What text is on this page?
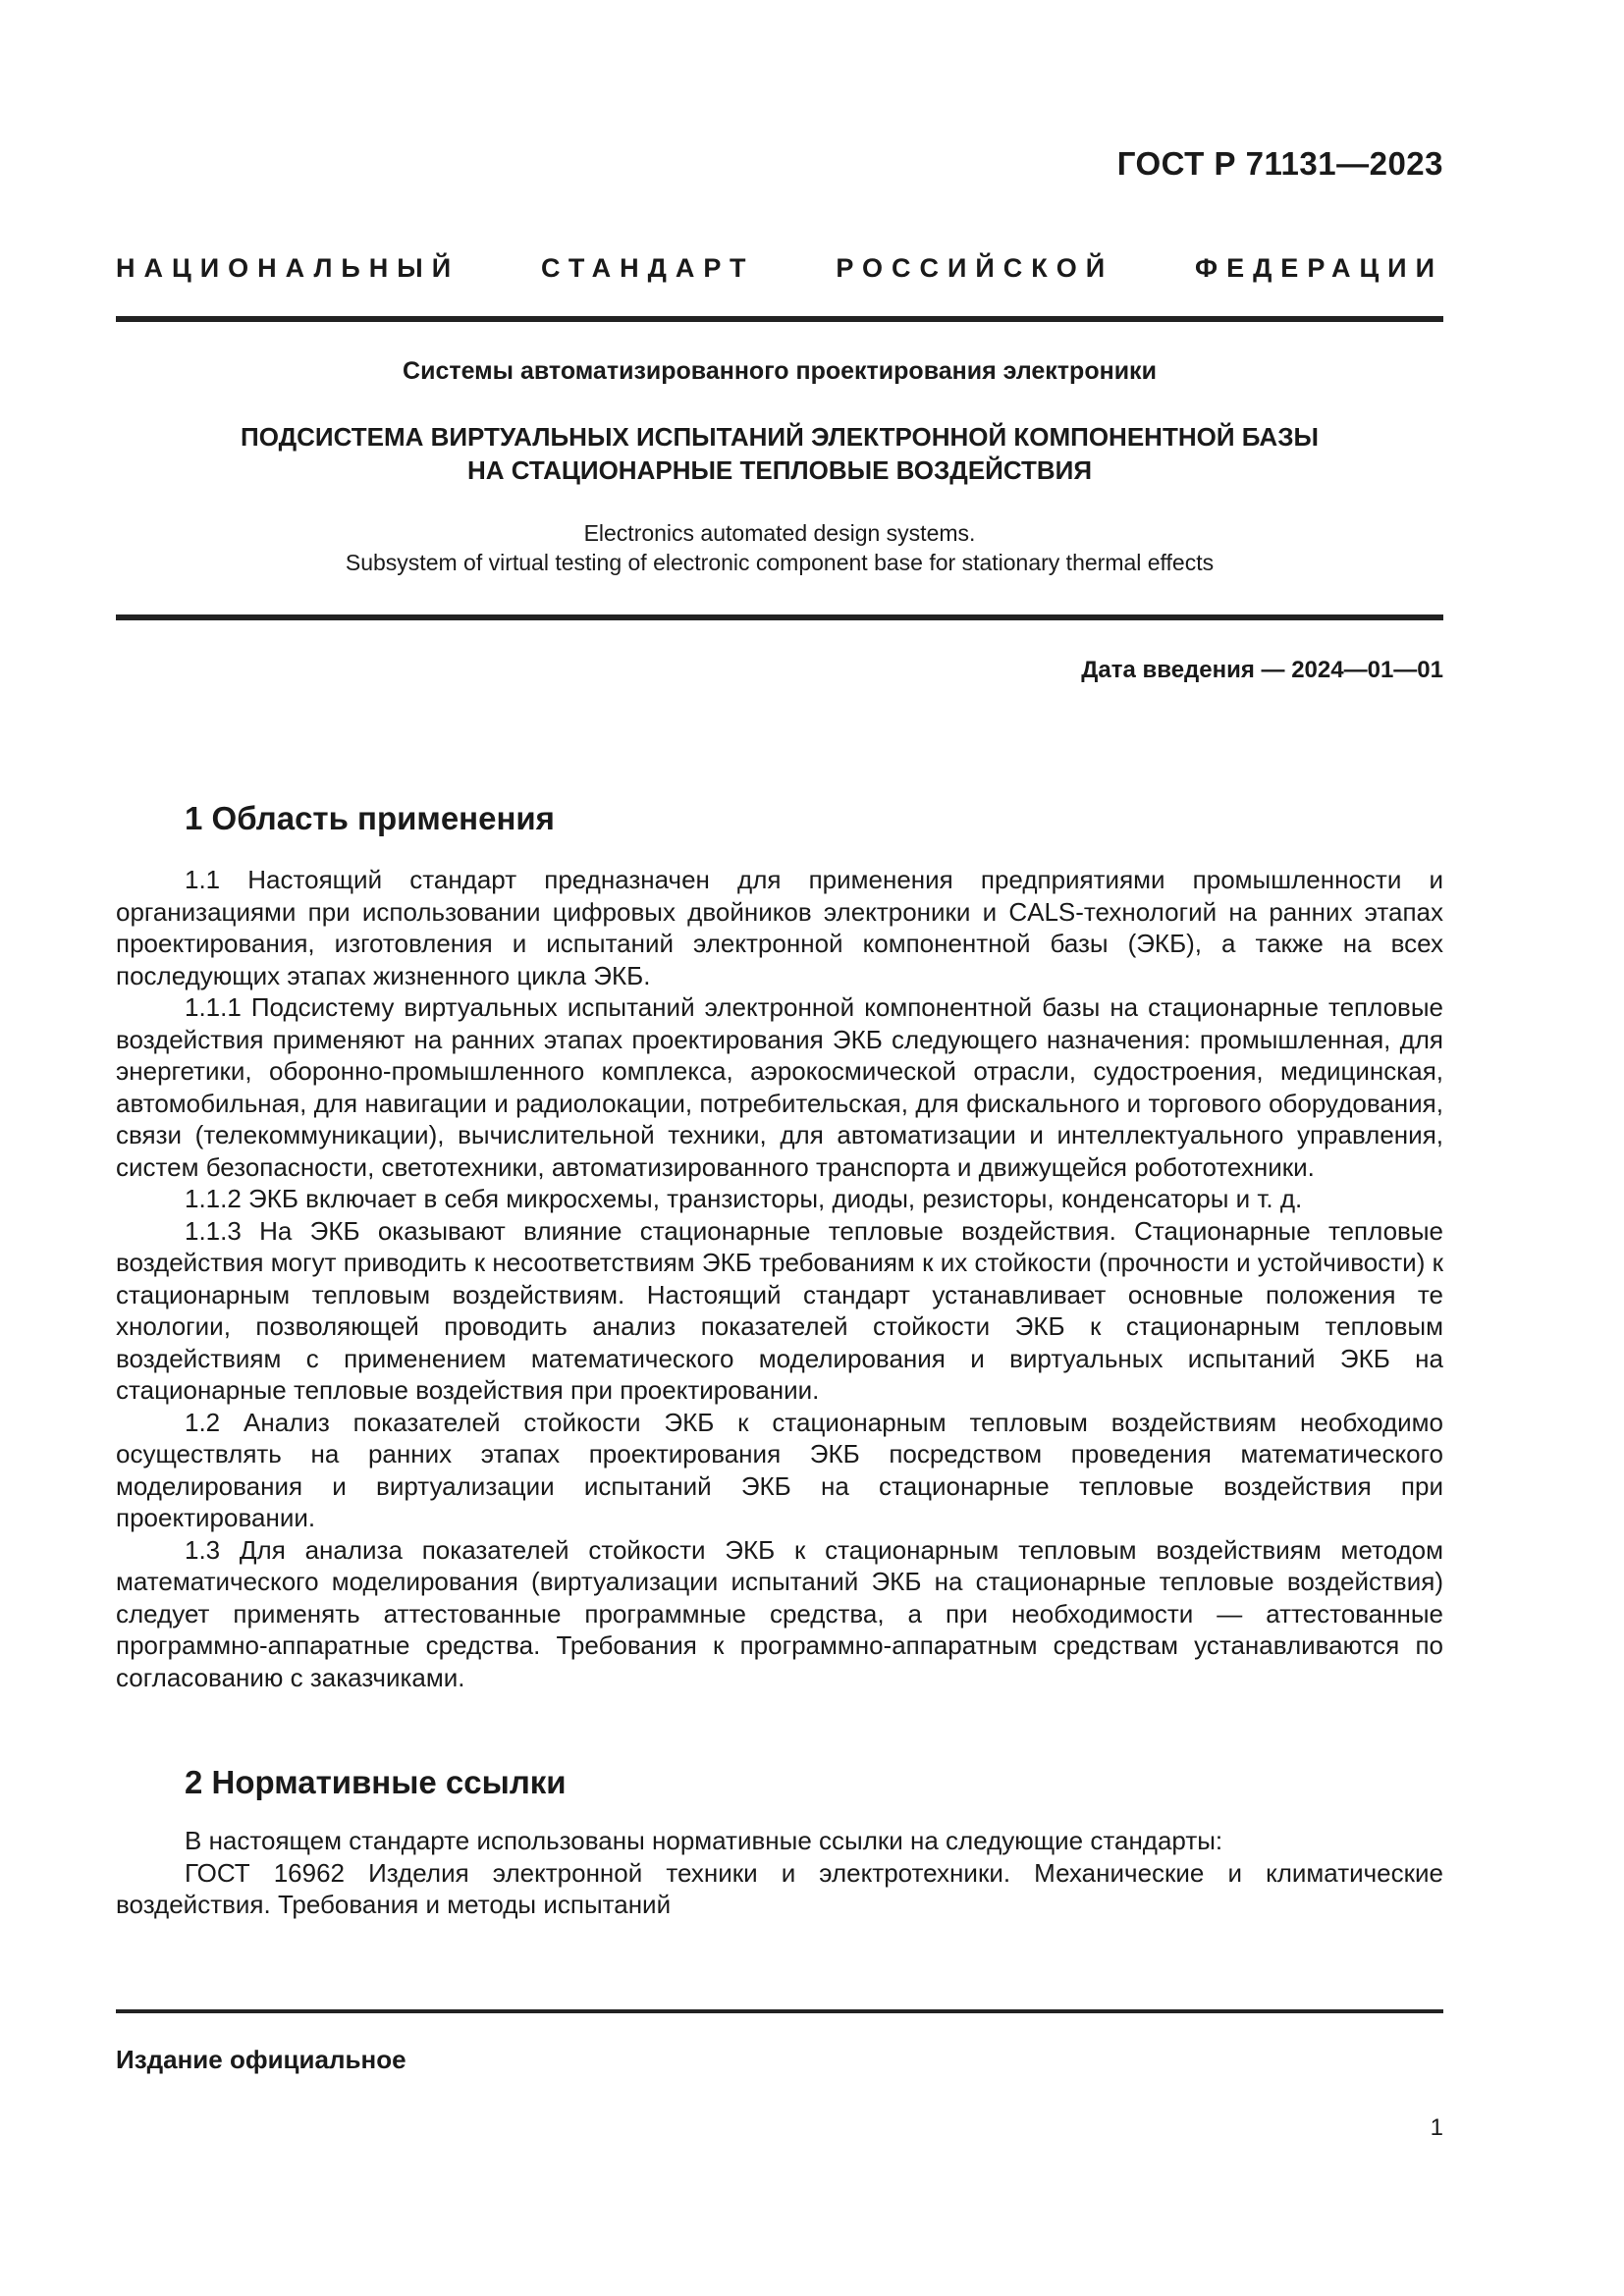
ГОСТ Р 71131—2023
НАЦИОНАЛЬНЫЙ СТАНДАРТ РОССИЙСКОЙ ФЕДЕРАЦИИ
Системы автоматизированного проектирования электроники
ПОДСИСТЕМА ВИРТУАЛЬНЫХ ИСПЫТАНИЙ ЭЛЕКТРОННОЙ КОМПОНЕНТНОЙ БАЗЫ
НА СТАЦИОНАРНЫЕ ТЕПЛОВЫЕ ВОЗДЕЙСТВИЯ
Electronics automated design systems.
Subsystem of virtual testing of electronic component base for stationary thermal effects
Дата введения — 2024—01—01
1 Область применения

1.1 Настоящий стандарт предназначен для применения предприятиями промышленности и организациями при использовании цифровых двойников электроники и CALS-технологий на ранних этапах проектирования, изготовления и испытаний электронной компонентной базы (ЭКБ), а также на всех последующих этапах жизненного цикла ЭКБ.

1.1.1 Подсистему виртуальных испытаний электронной компонентной базы на стационарные тепловые воздействия применяют на ранних этапах проектирования ЭКБ следующего назначения: промышленная, для энергетики, оборонно-промышленного комплекса, аэрокосмической отрасли, судостроения, медицинская, автомобильная, для навигации и радиолокации, потребительская, для фискального и торгового оборудования, связи (телекоммуникации), вычислительной техники, для автоматизации и интеллектуального управления, систем безопасности, светотехники, автоматизированного транспорта и движущейся робототехники.

1.1.2 ЭКБ включает в себя микросхемы, транзисторы, диоды, резисторы, конденсаторы и т. д.

1.1.3 На ЭКБ оказывают влияние стационарные тепловые воздействия. Стационарные тепловые воздействия могут приводить к несоответствиям ЭКБ требованиям к их стойкости (прочности и устойчивости) к стационарным тепловым воздействиям. Настоящий стандарт устанавливает основные положения те хнологии, позволяющей проводить анализ показателей стойкости ЭКБ к стационарным тепловым воздействиям с применением математического моделирования и виртуальных испытаний ЭКБ на стационарные тепловые воздействия при проектировании.

1.2 Анализ показателей стойкости ЭКБ к стационарным тепловым воздействиям необходимо осуществлять на ранних этапах проектирования ЭКБ посредством проведения математического моделирования и виртуализации испытаний ЭКБ на стационарные тепловые воздействия при проектировании.

1.3 Для анализа показателей стойкости ЭКБ к стационарным тепловым воздействиям методом математического моделирования (виртуализации испытаний ЭКБ на стационарные тепловые воздействия) следует применять аттестованные программные средства, а при необходимости — аттестованные программно-аппаратные средства. Требования к программно-аппаратным средствам устанавливаются по согласованию с заказчиками.

2 Нормативные ссылки

В настоящем стандарте использованы нормативные ссылки на следующие стандарты:

ГОСТ 16962 Изделия электронной техники и электротехники. Механические и климатические воздействия. Требования и методы испытаний

Издание официальное
1
